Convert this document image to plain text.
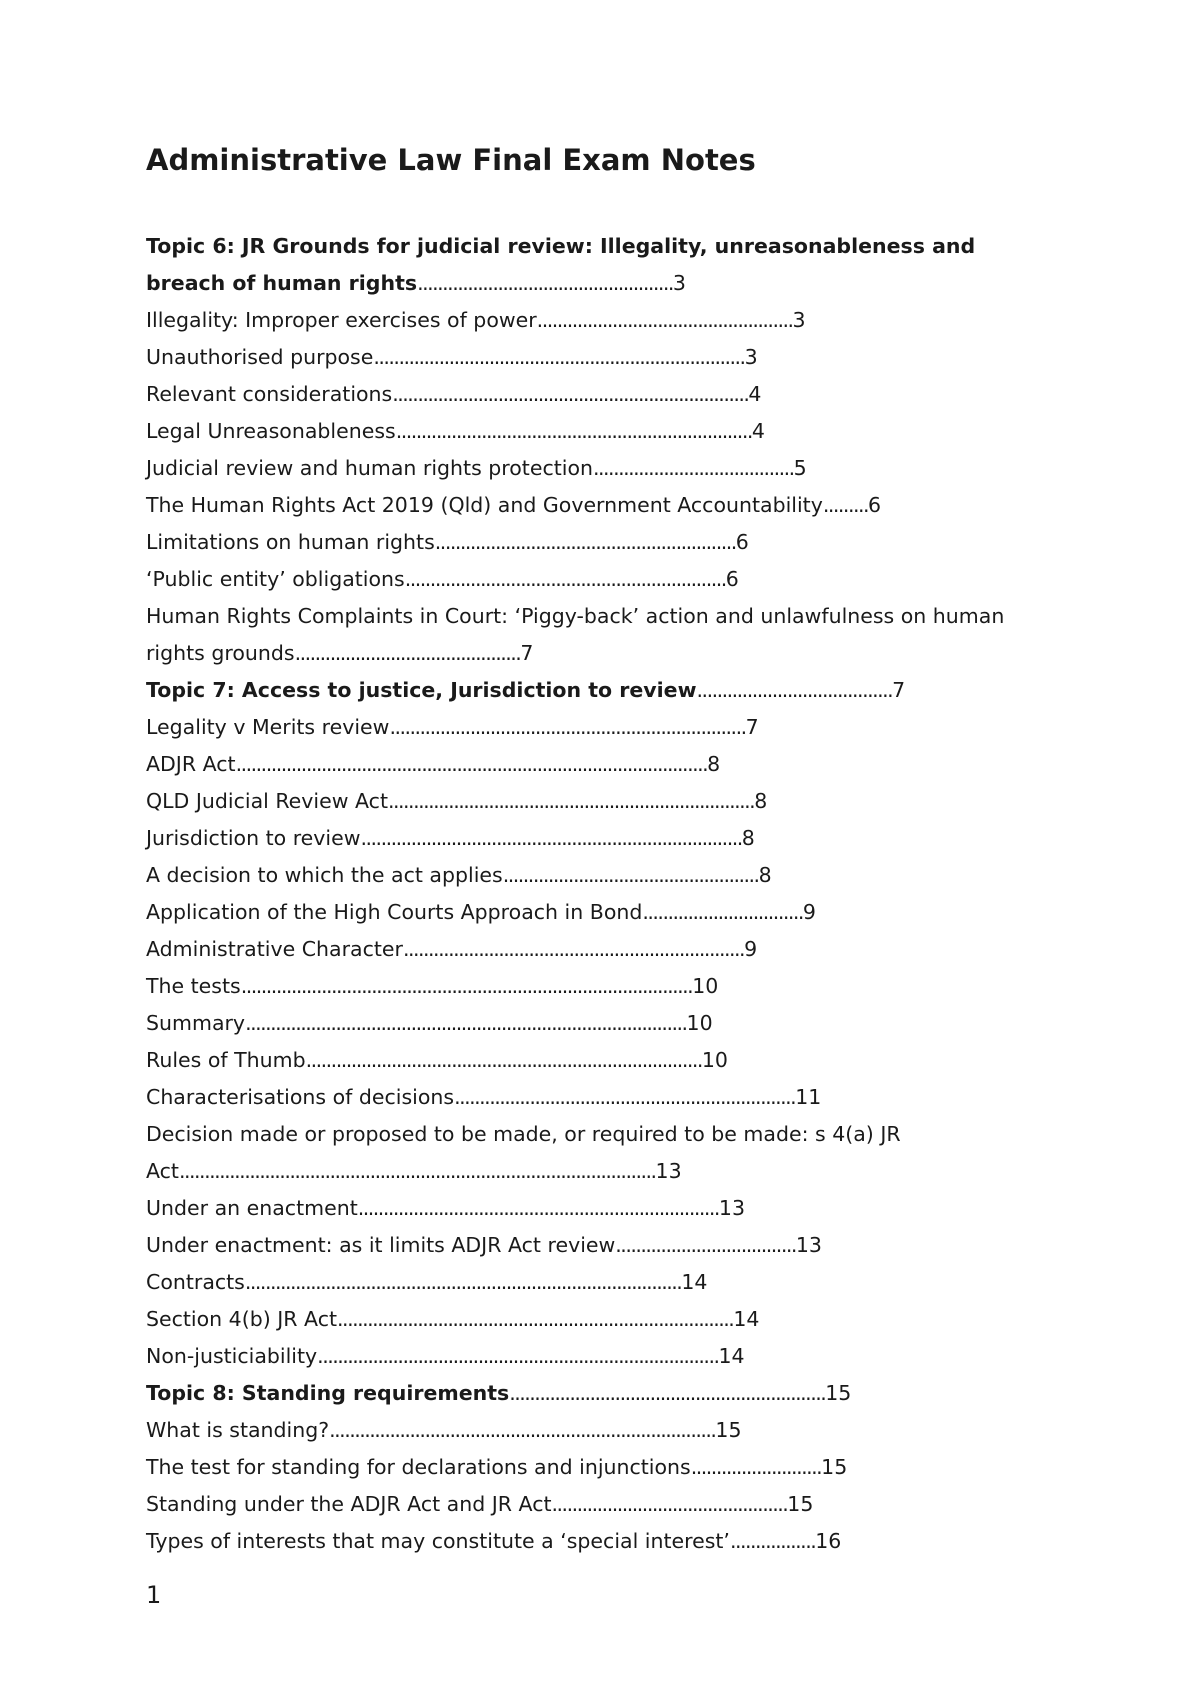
Administrative Law Final Exam Notes
Topic 6: JR Grounds for judicial review: Illegality, unreasonableness and breach of human rights...................................................3
Illegality: Improper exercises of power...................................................3
Unauthorised purpose..........................................................................3
Relevant considerations.......................................................................4
Legal Unreasonableness.......................................................................4
Judicial review and human rights protection........................................5
The Human Rights Act 2019 (Qld) and Government Accountability.........6
Limitations on human rights............................................................6
‘Public entity’ obligations................................................................6
Human Rights Complaints in Court: ‘Piggy-back’ action and unlawfulness on human rights grounds.............................................7
Topic 7: Access to justice, Jurisdiction to review.......................................7
Legality v Merits review.......................................................................7
ADJR Act..............................................................................................8
QLD Judicial Review Act.........................................................................8
Jurisdiction to review............................................................................8
A decision to which the act applies...................................................8
Application of the High Courts Approach in Bond................................9
Administrative Character....................................................................9
The tests..........................................................................................10
Summary........................................................................................10
Rules of Thumb...............................................................................10
Characterisations of decisions....................................................................11
Decision made or proposed to be made, or required to be made: s 4(a) JR Act...............................................................................................13
Under an enactment........................................................................13
Under enactment: as it limits ADJR Act review....................................13
Contracts.......................................................................................14
Section 4(b) JR Act...............................................................................14
Non-justiciability................................................................................14
Topic 8: Standing requirements...............................................................15
What is standing?.............................................................................15
The test for standing for declarations and injunctions..........................15
Standing under the ADJR Act and JR Act...............................................15
Types of interests that may constitute a ‘special interest’.................16
1
